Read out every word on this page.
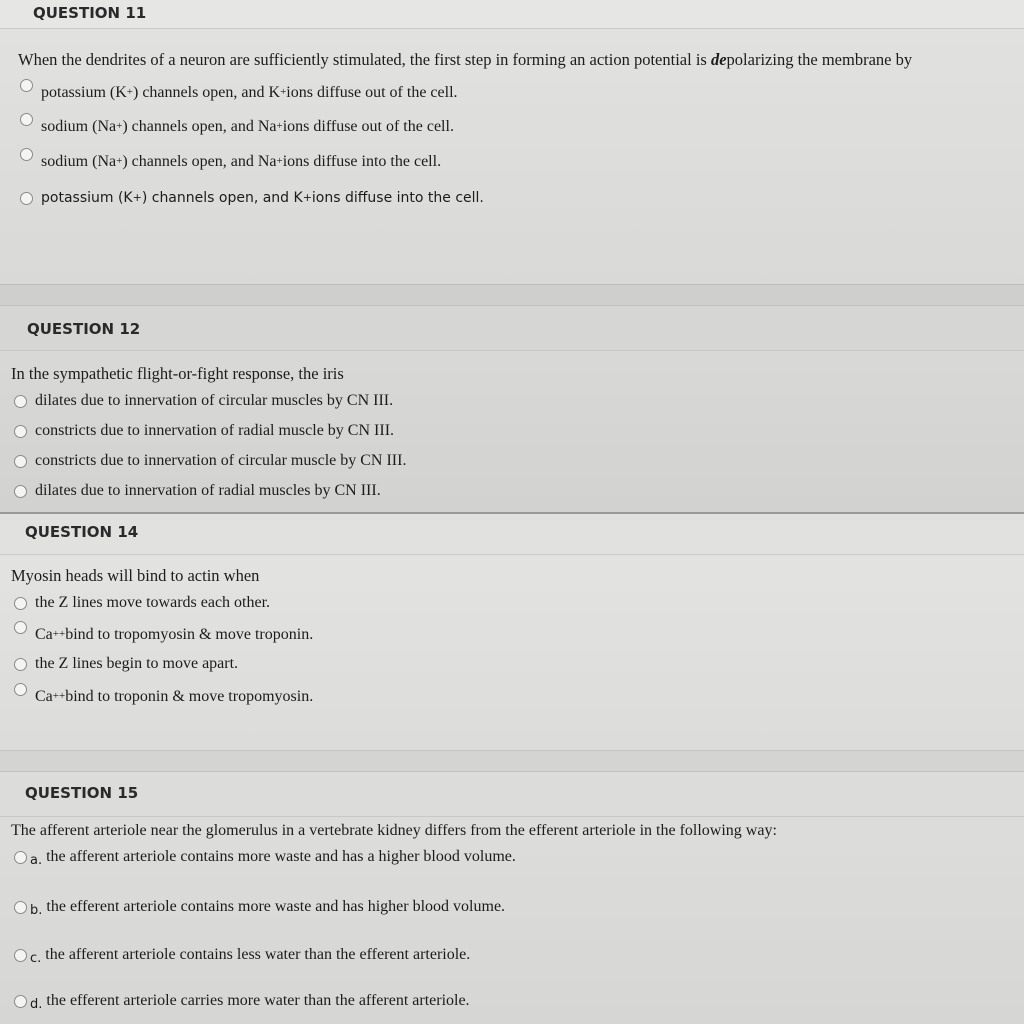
QUESTION 11
When the dendrites of a neuron are sufficiently stimulated, the first step in forming an action potential is depolarizing the membrane by
potassium (K+ ) channels open, and K+ ions diffuse out of the cell.
sodium (Na+ ) channels open, and Na+ ions diffuse out of the cell.
sodium (Na+ ) channels open, and Na+ ions diffuse into the cell.
potassium (K+ ) channels open, and K+ ions diffuse into the cell.
QUESTION 12
In the sympathetic flight-or-fight response, the iris
dilates due to innervation of circular muscles by CN III.
constricts due to innervation of radial muscle by CN III.
constricts due to innervation of circular muscle by CN III.
dilates due to innervation of radial muscles by CN III.
QUESTION 14
Myosin heads will bind to actin when
the Z lines move towards each other.
Ca++ bind to tropomyosin & move troponin.
the Z lines begin to move apart.
Ca++ bind to troponin & move tropomyosin.
QUESTION 15
The afferent arteriole near the glomerulus in a vertebrate kidney differs from the efferent arteriole in the following way:
a. the afferent arteriole contains more waste and has a higher blood volume.
b. the efferent arteriole contains more waste and has higher blood volume.
c. the afferent arteriole contains less water than the efferent arteriole.
d. the efferent arteriole carries more water than the afferent arteriole.
